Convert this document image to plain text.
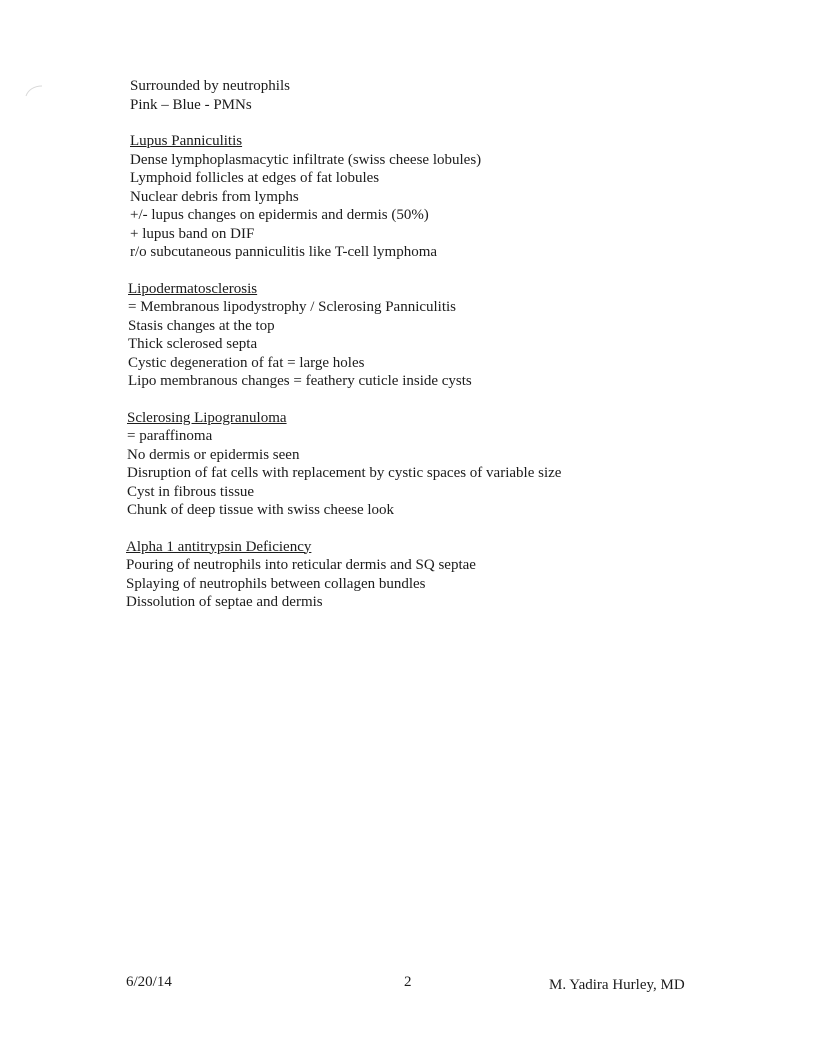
Surrounded by neutrophils
Pink – Blue - PMNs
Lupus Panniculitis
Dense lymphoplasmacytic infiltrate (swiss cheese lobules)
Lymphoid follicles at edges of fat lobules
Nuclear debris from lymphs
+/- lupus changes on epidermis and dermis (50%)
+ lupus band on DIF
r/o subcutaneous panniculitis like T-cell lymphoma
Lipodermatosclerosis
= Membranous lipodystrophy / Sclerosing Panniculitis
Stasis changes at the top
Thick sclerosed septa
Cystic degeneration of fat = large holes
Lipo membranous changes = feathery cuticle inside cysts
Sclerosing Lipogranuloma
= paraffinoma
No dermis or epidermis seen
Disruption of fat cells with replacement by cystic spaces of variable size
Cyst in fibrous tissue
Chunk of deep tissue with swiss cheese look
Alpha 1 antitrypsin Deficiency
Pouring of neutrophils into reticular dermis and SQ septae
Splaying of neutrophils between collagen bundles
Dissolution of septae and dermis
6/20/14	2	M. Yadira Hurley, MD
